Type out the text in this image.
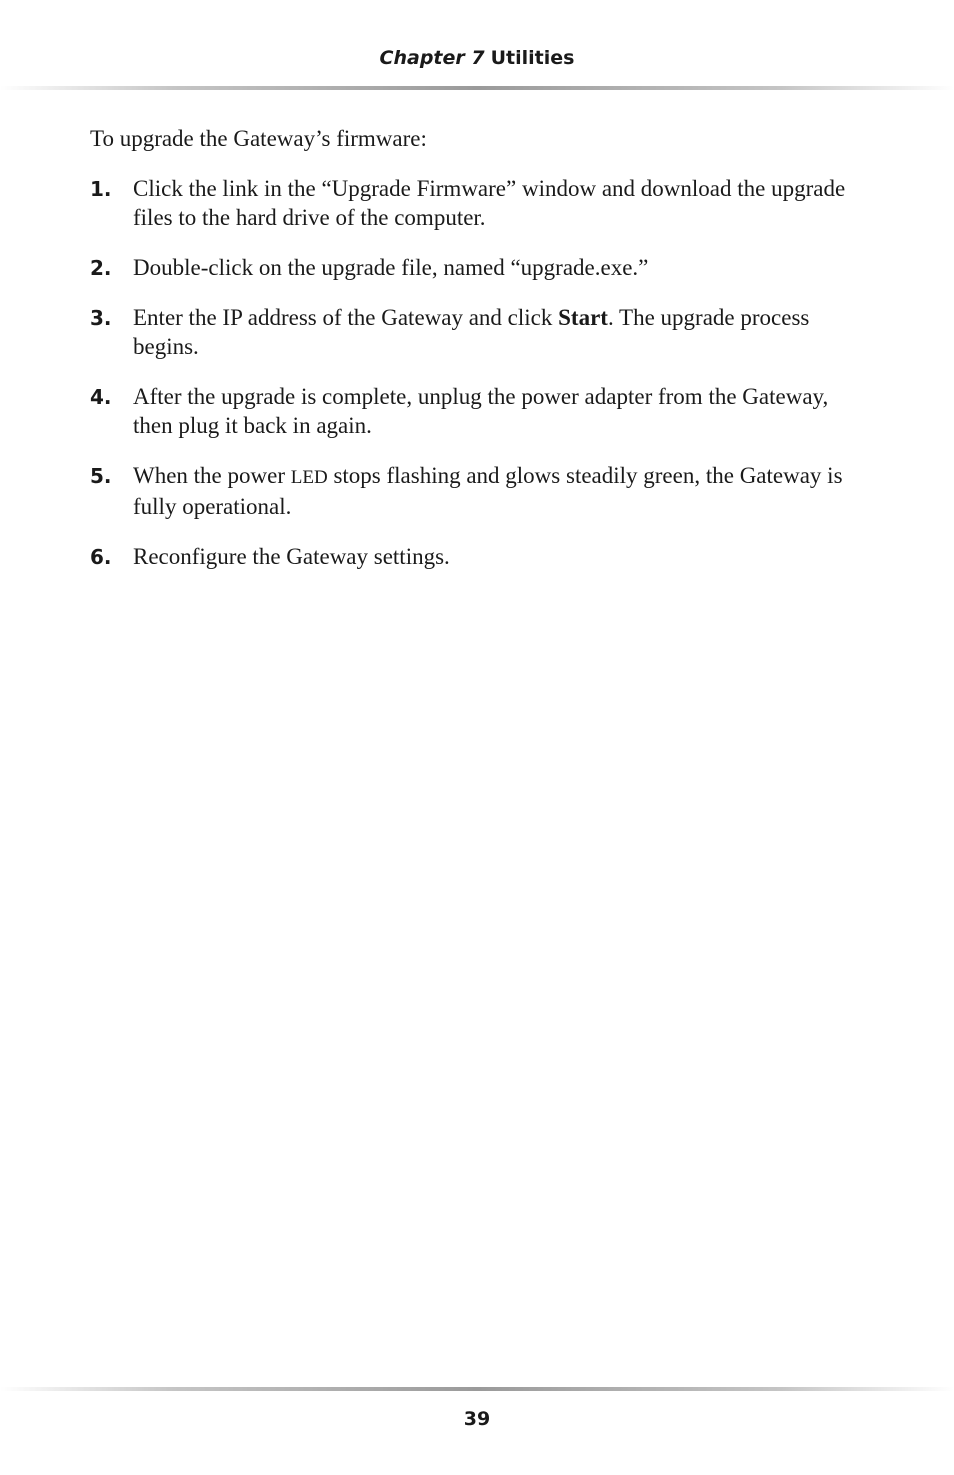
Chapter 7 Utilities

To upgrade the Gateway’s firmware:

1. Click the link in the “Upgrade Firmware” window and download the upgrade files to the hard drive of the computer.
2. Double-click on the upgrade file, named “upgrade.exe.”
3. Enter the IP address of the Gateway and click Start. The upgrade process begins.
4. After the upgrade is complete, unplug the power adapter from the Gateway, then plug it back in again.
5. When the power LED stops flashing and glows steadily green, the Gateway is fully operational.
6. Reconfigure the Gateway settings.
39
